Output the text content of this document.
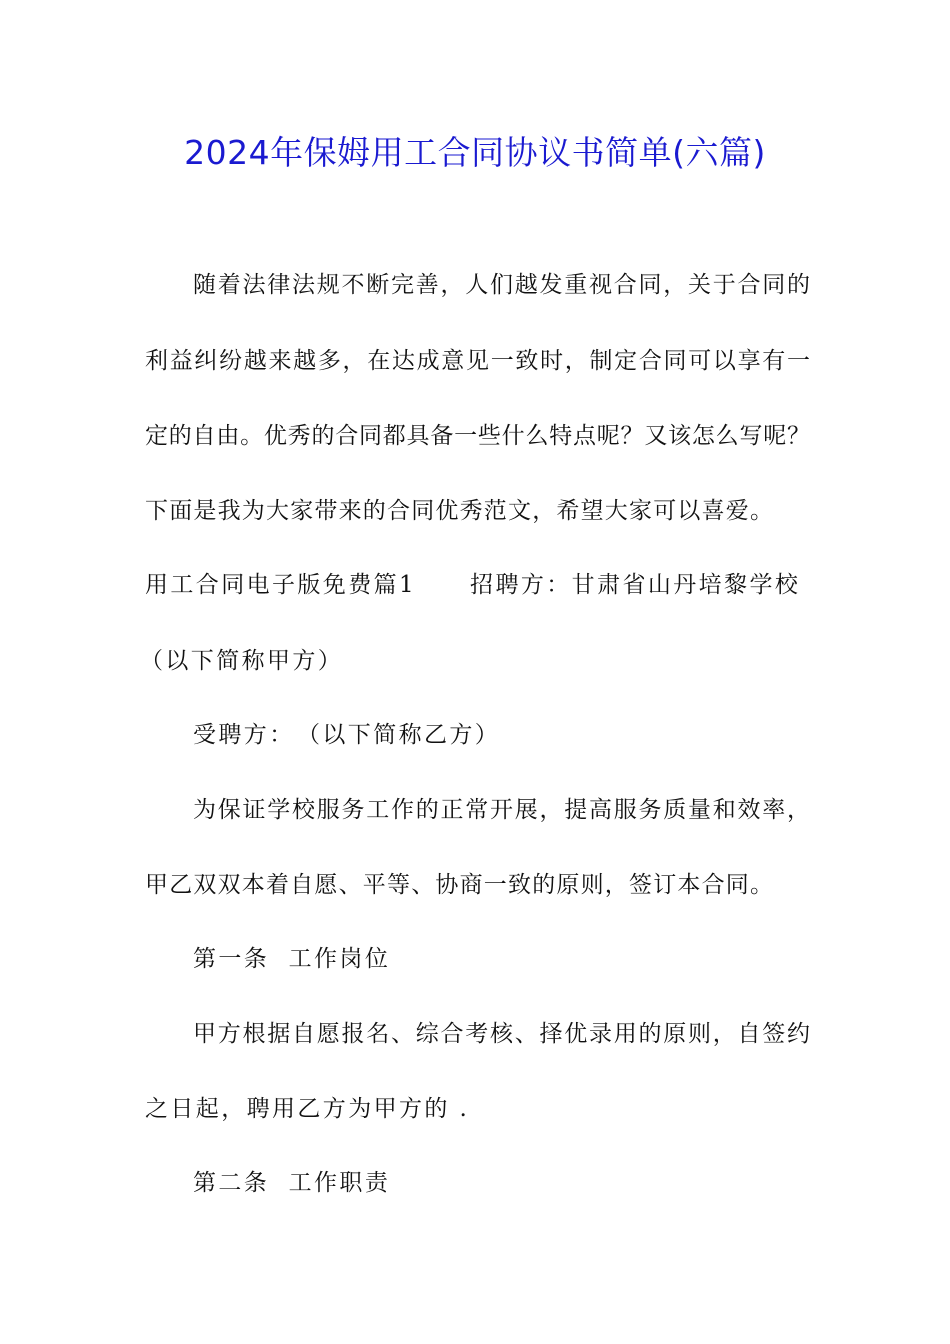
2024年保姆用工合同协议书简单(六篇)

随着法律法规不断完善，人们越发重视合同，关于合同的

利益纠纷越来越多，在达成意见一致时，制定合同可以享有一

定的自由。优秀的合同都具备一些什么特点呢？又该怎么写呢？

下面是我为大家带来的合同优秀范文，希望大家可以喜爱。

用工合同电子版免费篇1 招聘方：甘肃省山丹培黎学校

（以下简称甲方）

受聘方：　（以下简称乙方）

为保证学校服务工作的正常开展，提高服务质量和效率，

甲乙双双本着自愿、平等、协商一致的原则，签订本合同。

第一条  工作岗位

甲方根据自愿报名、综合考核、择优录用的原则，自签约

之日起，聘用乙方为甲方的 .

第二条  工作职责
